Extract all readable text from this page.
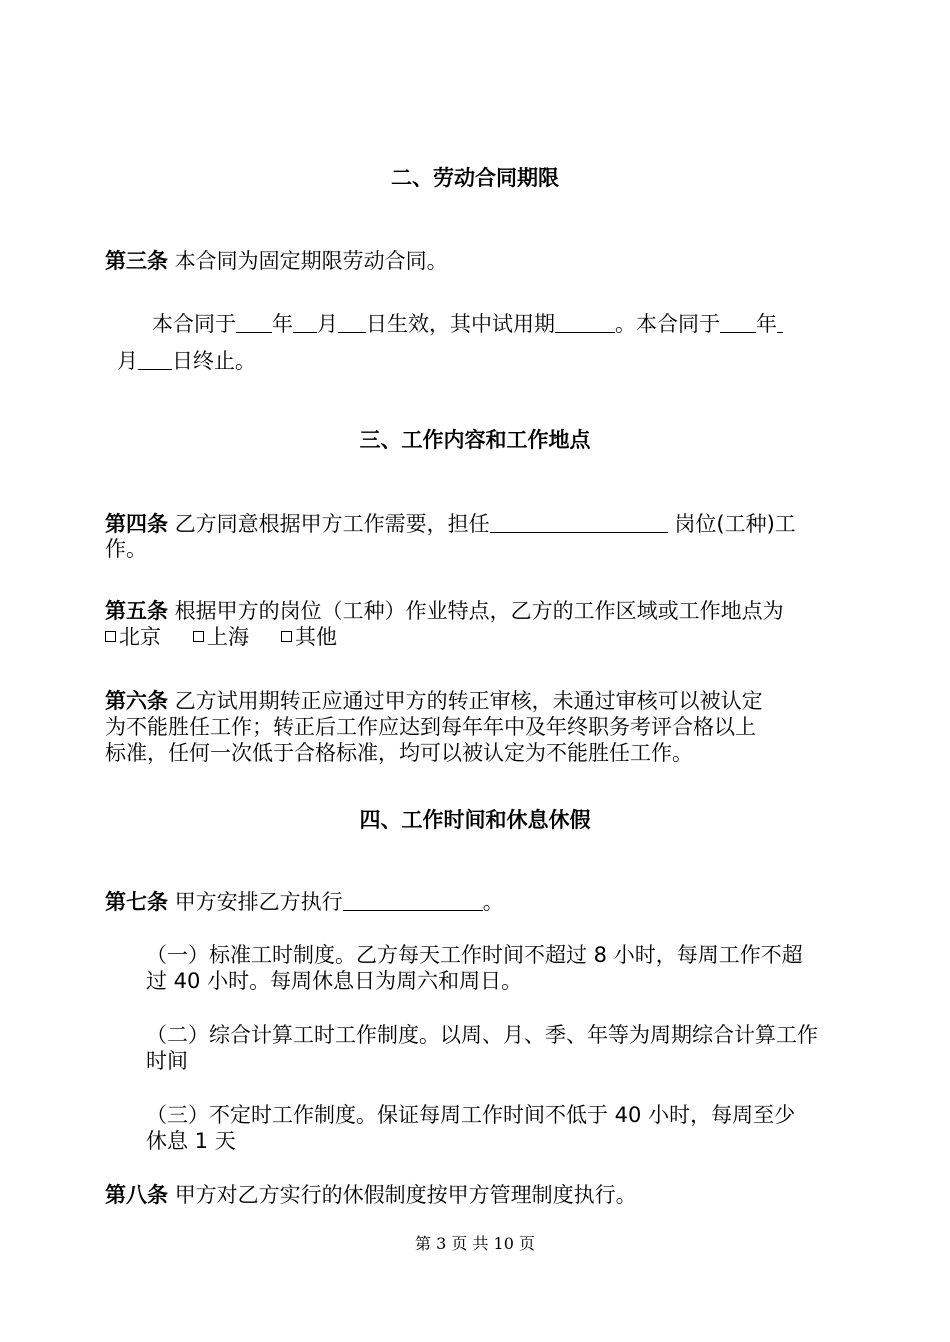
二、劳动合同期限
第三条 本合同为固定期限劳动合同。
本合同于 年 月 日生效，其中试用期	。本合同于 年
月 日终止。
三、工作内容和工作地点
第四条 乙方同意根据甲方工作需要，担任	岗位(工种)工
作。
第五条 根据甲方的岗位（工种）作业特点，乙方的工作区域或工作地点为
北京 上海 其他
第六条 乙方试用期转正应通过甲方的转正审核，未通过审核可以被认定
为不能胜任工作；转正后工作应达到每年年中及年终职务考评合格以上
标准，任何一次低于合格标准，均可以被认定为不能胜任工作。
四、工作时间和休息休假
第七条 甲方安排乙方执行	。
（一）标准工时制度。乙方每天工作时间不超过 8 小时，每周工作不超
过 40 小时。每周休息日为周六和周日。
（二）综合计算工时工作制度。以周、月、季、年等为周期综合计算工作
时间
（三）不定时工作制度。保证每周工作时间不低于 40 小时，每周至少
休息 1 天
第八条 甲方对乙方实行的休假制度按甲方管理制度执行。
第 3 页 共 10 页
